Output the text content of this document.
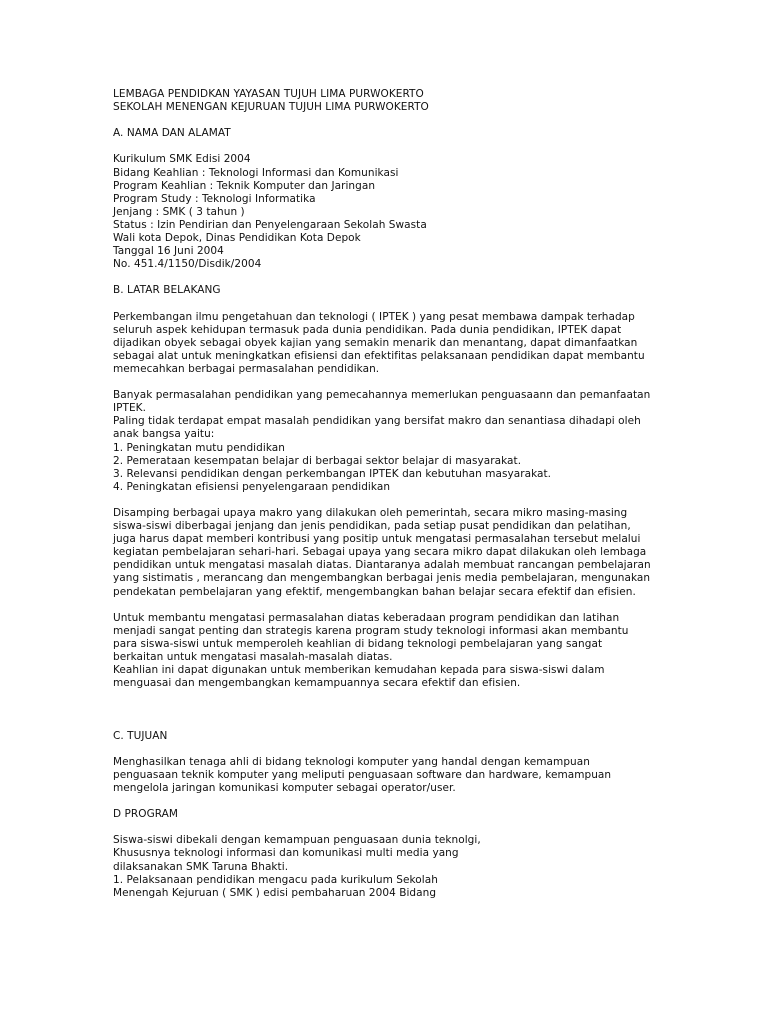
LEMBAGA PENDIDKAN YAYASAN TUJUH LIMA PURWOKERTO
SEKOLAH MENENGAN KEJURUAN TUJUH LIMA PURWOKERTO
A. NAMA DAN ALAMAT
Kurikulum SMK Edisi 2004
Bidang Keahlian : Teknologi Informasi dan Komunikasi
Program Keahlian : Teknik Komputer dan Jaringan
Program Study : Teknologi Informatika
Jenjang : SMK ( 3 tahun )
Status : Izin Pendirian dan Penyelengaraan Sekolah Swasta
Wali kota Depok, Dinas Pendidikan Kota Depok
Tanggal 16 Juni 2004
No. 451.4/1150/Disdik/2004
B. LATAR BELAKANG
Perkembangan ilmu pengetahuan dan teknologi ( IPTEK ) yang pesat membawa dampak terhadap
seluruh aspek kehidupan termasuk pada dunia pendidikan. Pada dunia pendidikan, IPTEK dapat
dijadikan obyek sebagai obyek kajian yang semakin menarik dan menantang, dapat dimanfaatkan
sebagai alat untuk meningkatkan efisiensi dan efektifitas pelaksanaan pendidikan dapat membantu
memecahkan berbagai permasalahan pendidikan.
Banyak permasalahan pendidikan yang pemecahannya memerlukan penguasaann dan pemanfaatan
IPTEK.
Paling tidak terdapat empat masalah pendidikan yang bersifat makro dan senantiasa dihadapi oleh
anak bangsa yaitu:
1. Peningkatan mutu pendidikan
2. Pemerataan kesempatan belajar di berbagai sektor belajar di masyarakat.
3. Relevansi pendidikan dengan perkembangan IPTEK dan kebutuhan masyarakat.
4. Peningkatan efisiensi penyelengaraan pendidikan
Disamping berbagai upaya makro yang dilakukan oleh pemerintah, secara mikro masing-masing
siswa-siswi diberbagai jenjang dan jenis pendidikan, pada setiap pusat pendidikan dan pelatihan,
juga harus dapat memberi kontribusi yang positip untuk mengatasi permasalahan tersebut melalui
kegiatan pembelajaran sehari-hari. Sebagai upaya yang secara mikro dapat dilakukan oleh lembaga
pendidikan untuk mengatasi masalah diatas. Diantaranya adalah membuat rancangan pembelajaran
yang sistimatis , merancang dan mengembangkan berbagai jenis media pembelajaran, mengunakan
pendekatan pembelajaran yang efektif, mengembangkan bahan belajar secara efektif dan efisien.
Untuk membantu mengatasi permasalahan diatas keberadaan program pendidikan dan latihan
menjadi sangat penting dan strategis karena program study teknologi informasi akan membantu
para siswa-siswi untuk memperoleh keahlian di bidang teknologi pembelajaran yang sangat
berkaitan untuk mengatasi masalah-masalah diatas.
Keahlian ini dapat digunakan untuk memberikan kemudahan kepada para siswa-siswi dalam
menguasai dan mengembangkan kemampuannya secara efektif dan efisien.
C. TUJUAN
Menghasilkan tenaga ahli di bidang teknologi komputer yang handal dengan kemampuan
penguasaan teknik komputer yang meliputi penguasaan software dan hardware, kemampuan
mengelola jaringan komunikasi komputer sebagai operator/user.
D PROGRAM
Siswa-siswi dibekali dengan kemampuan penguasaan dunia teknolgi,
Khususnya teknologi informasi dan komunikasi multi media yang
dilaksanakan SMK Taruna Bhakti.
1. Pelaksanaan pendidikan mengacu pada kurikulum Sekolah
Menengah Kejuruan ( SMK ) edisi pembaharuan 2004 Bidang
